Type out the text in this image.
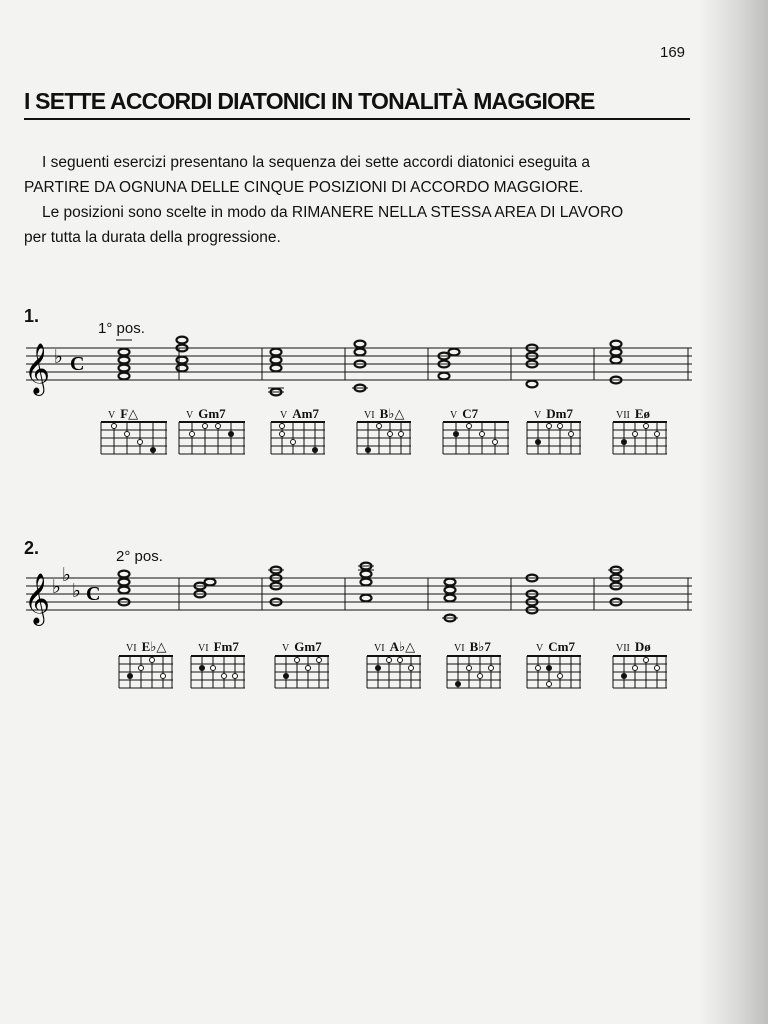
169
I SETTE ACCORDI DIATONICI IN TONALITÀ MAGGIORE

I seguenti esercizi presentano la sequenza dei sette accordi diatonici eseguita a
PARTIRE DA OGNUNA DELLE CINQUE POSIZIONI DI ACCORDO MAGGIORE.
Le posizioni sono scelte in modo da RIMANERE NELLA STESSA AREA DI LAVORO
per tutta la durata della progressione.

1.
1° pos.
𝄞 ♭ C
V F△	V Gm7	V Am7	VI B♭△	V C7	V Dm7	VII Eø
2.	2° pos.
𝄞 ♭
♭
♭ C
VI E♭△	VI Fm7	V Gm7	VI A♭△	VI B♭7	V Cm7	VII Dø
